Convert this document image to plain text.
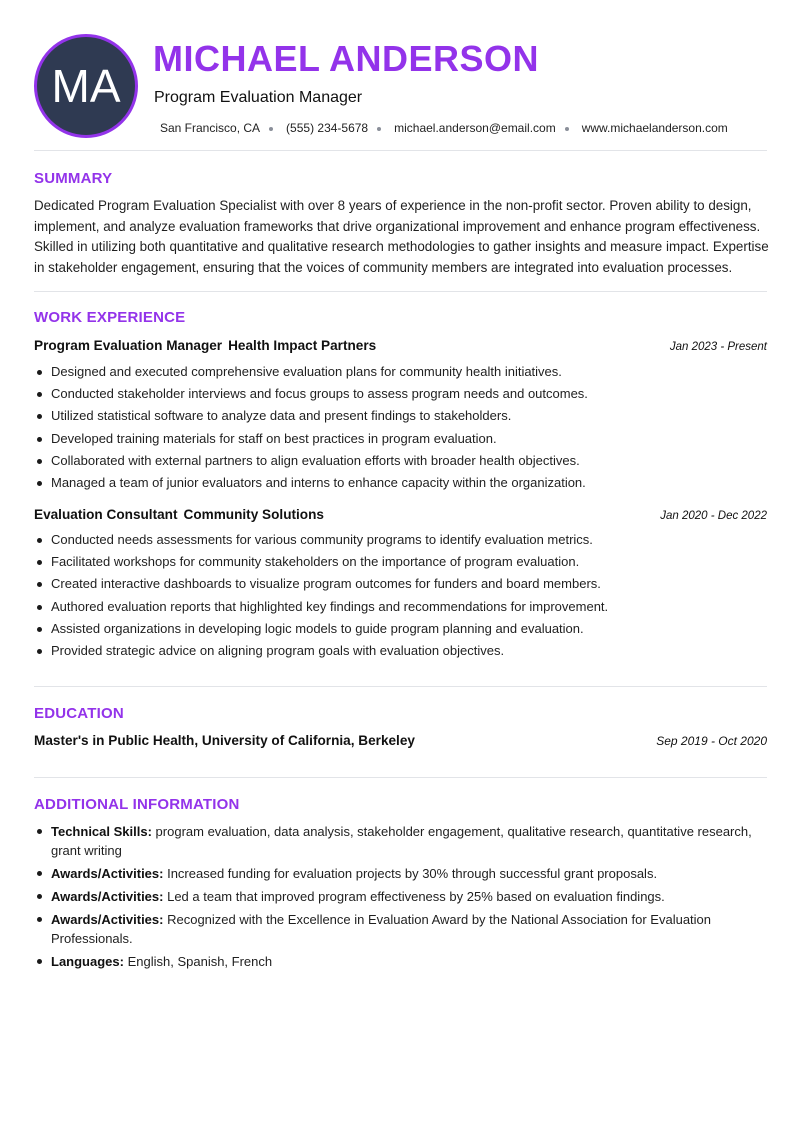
MA
MICHAEL ANDERSON
Program Evaluation Manager
San Francisco, CA (555) 234-5678 michael.anderson@email.com www.michaelanderson.com
SUMMARY

Dedicated Program Evaluation Specialist with over 8 years of experience in the non-profit sector. Proven ability to design, implement, and analyze evaluation frameworks that drive organizational improvement and enhance program effectiveness. Skilled in utilizing both quantitative and qualitative research methodologies to gather insights and measure impact. Expertise in stakeholder engagement, ensuring that the voices of community members are integrated into evaluation processes.

WORK EXPERIENCE
Program Evaluation Manager Health Impact Partners	Jan 2023 - Present
Designed and executed comprehensive evaluation plans for community health initiatives.
Conducted stakeholder interviews and focus groups to assess program needs and outcomes.
Utilized statistical software to analyze data and present findings to stakeholders.
Developed training materials for staff on best practices in program evaluation.
Collaborated with external partners to align evaluation efforts with broader health objectives.
Managed a team of junior evaluators and interns to enhance capacity within the organization.
Evaluation Consultant Community Solutions	Jan 2020 - Dec 2022
Conducted needs assessments for various community programs to identify evaluation metrics.
Facilitated workshops for community stakeholders on the importance of program evaluation.
Created interactive dashboards to visualize program outcomes for funders and board members.
Authored evaluation reports that highlighted key findings and recommendations for improvement.
Assisted organizations in developing logic models to guide program planning and evaluation.
Provided strategic advice on aligning program goals with evaluation objectives.
EDUCATION
Master's in Public Health, University of California, Berkeley	Sep 2019 - Oct 2020
ADDITIONAL INFORMATION
Technical Skills: program evaluation, data analysis, stakeholder engagement, qualitative research, quantitative research, grant writing
Awards/Activities: Increased funding for evaluation projects by 30% through successful grant proposals.
Awards/Activities: Led a team that improved program effectiveness by 25% based on evaluation findings.
Awards/Activities: Recognized with the Excellence in Evaluation Award by the National Association for Evaluation Professionals.
Languages: English, Spanish, French
